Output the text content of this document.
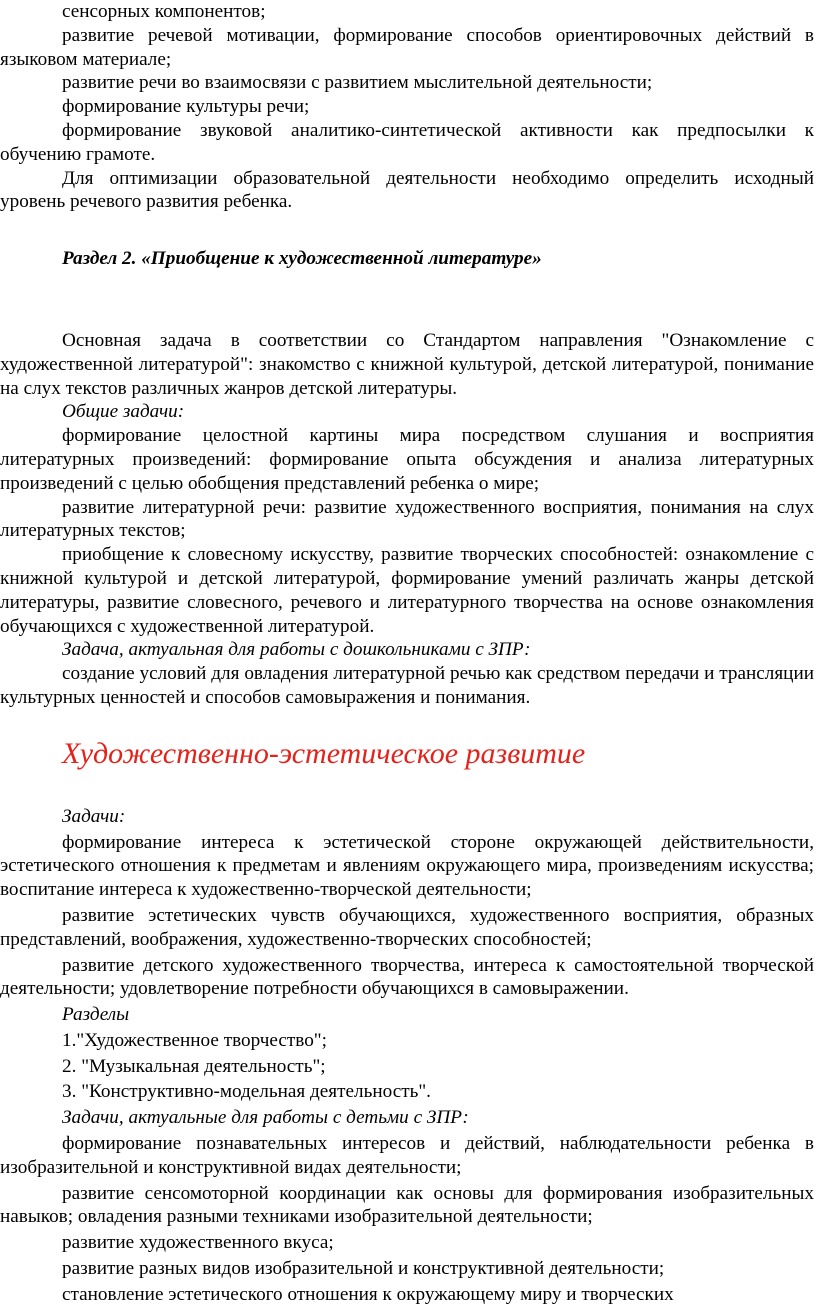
сенсорных компонентов;

развитие речевой мотивации, формирование способов ориентировочных действий в языковом материале;

развитие речи во взаимосвязи с развитием мыслительной деятельности;

формирование культуры речи;

формирование звуковой аналитико-синтетической активности как предпосылки к обучению грамоте.

Для оптимизации образовательной деятельности необходимо определить исходный уровень речевого развития ребенка.

Раздел 2. «Приобщение к художественной литературе»

Основная задача в соответствии со Стандартом направления "Ознакомление с художественной литературой": знакомство с книжной культурой, детской литературой, понимание на слух текстов различных жанров детской литературы.

Общие задачи:

формирование целостной картины мира посредством слушания и восприятия литературных произведений: формирование опыта обсуждения и анализа литературных произведений с целью обобщения представлений ребенка о мире;

развитие литературной речи: развитие художественного восприятия, понимания на слух литературных текстов;

приобщение к словесному искусству, развитие творческих способностей: ознакомление с книжной культурой и детской литературой, формирование умений различать жанры детской литературы, развитие словесного, речевого и литературного творчества на основе ознакомления обучающихся с художественной литературой.

Задача, актуальная для работы с дошкольниками с ЗПР:

создание условий для овладения литературной речью как средством передачи и трансляции культурных ценностей и способов самовыражения и понимания.

Художественно-эстетическое развитие

Задачи:

формирование интереса к эстетической стороне окружающей действительности, эстетического отношения к предметам и явлениям окружающего мира, произведениям искусства; воспитание интереса к художественно-творческой деятельности;

развитие эстетических чувств обучающихся, художественного восприятия, образных представлений, воображения, художественно-творческих способностей;

развитие детского художественного творчества, интереса к самостоятельной творческой деятельности; удовлетворение потребности обучающихся в самовыражении.

Разделы

1."Художественное творчество";

2. "Музыкальная деятельность";

3. "Конструктивно-модельная деятельность".

Задачи, актуальные для работы с детьми с ЗПР:

формирование познавательных интересов и действий, наблюдательности ребенка в изобразительной и конструктивной видах деятельности;

развитие сенсомоторной координации как основы для формирования изобразительных навыков; овладения разными техниками изобразительной деятельности;

развитие художественного вкуса;

развитие разных видов изобразительной и конструктивной деятельности;

становление эстетического отношения к окружающему миру и творческих
